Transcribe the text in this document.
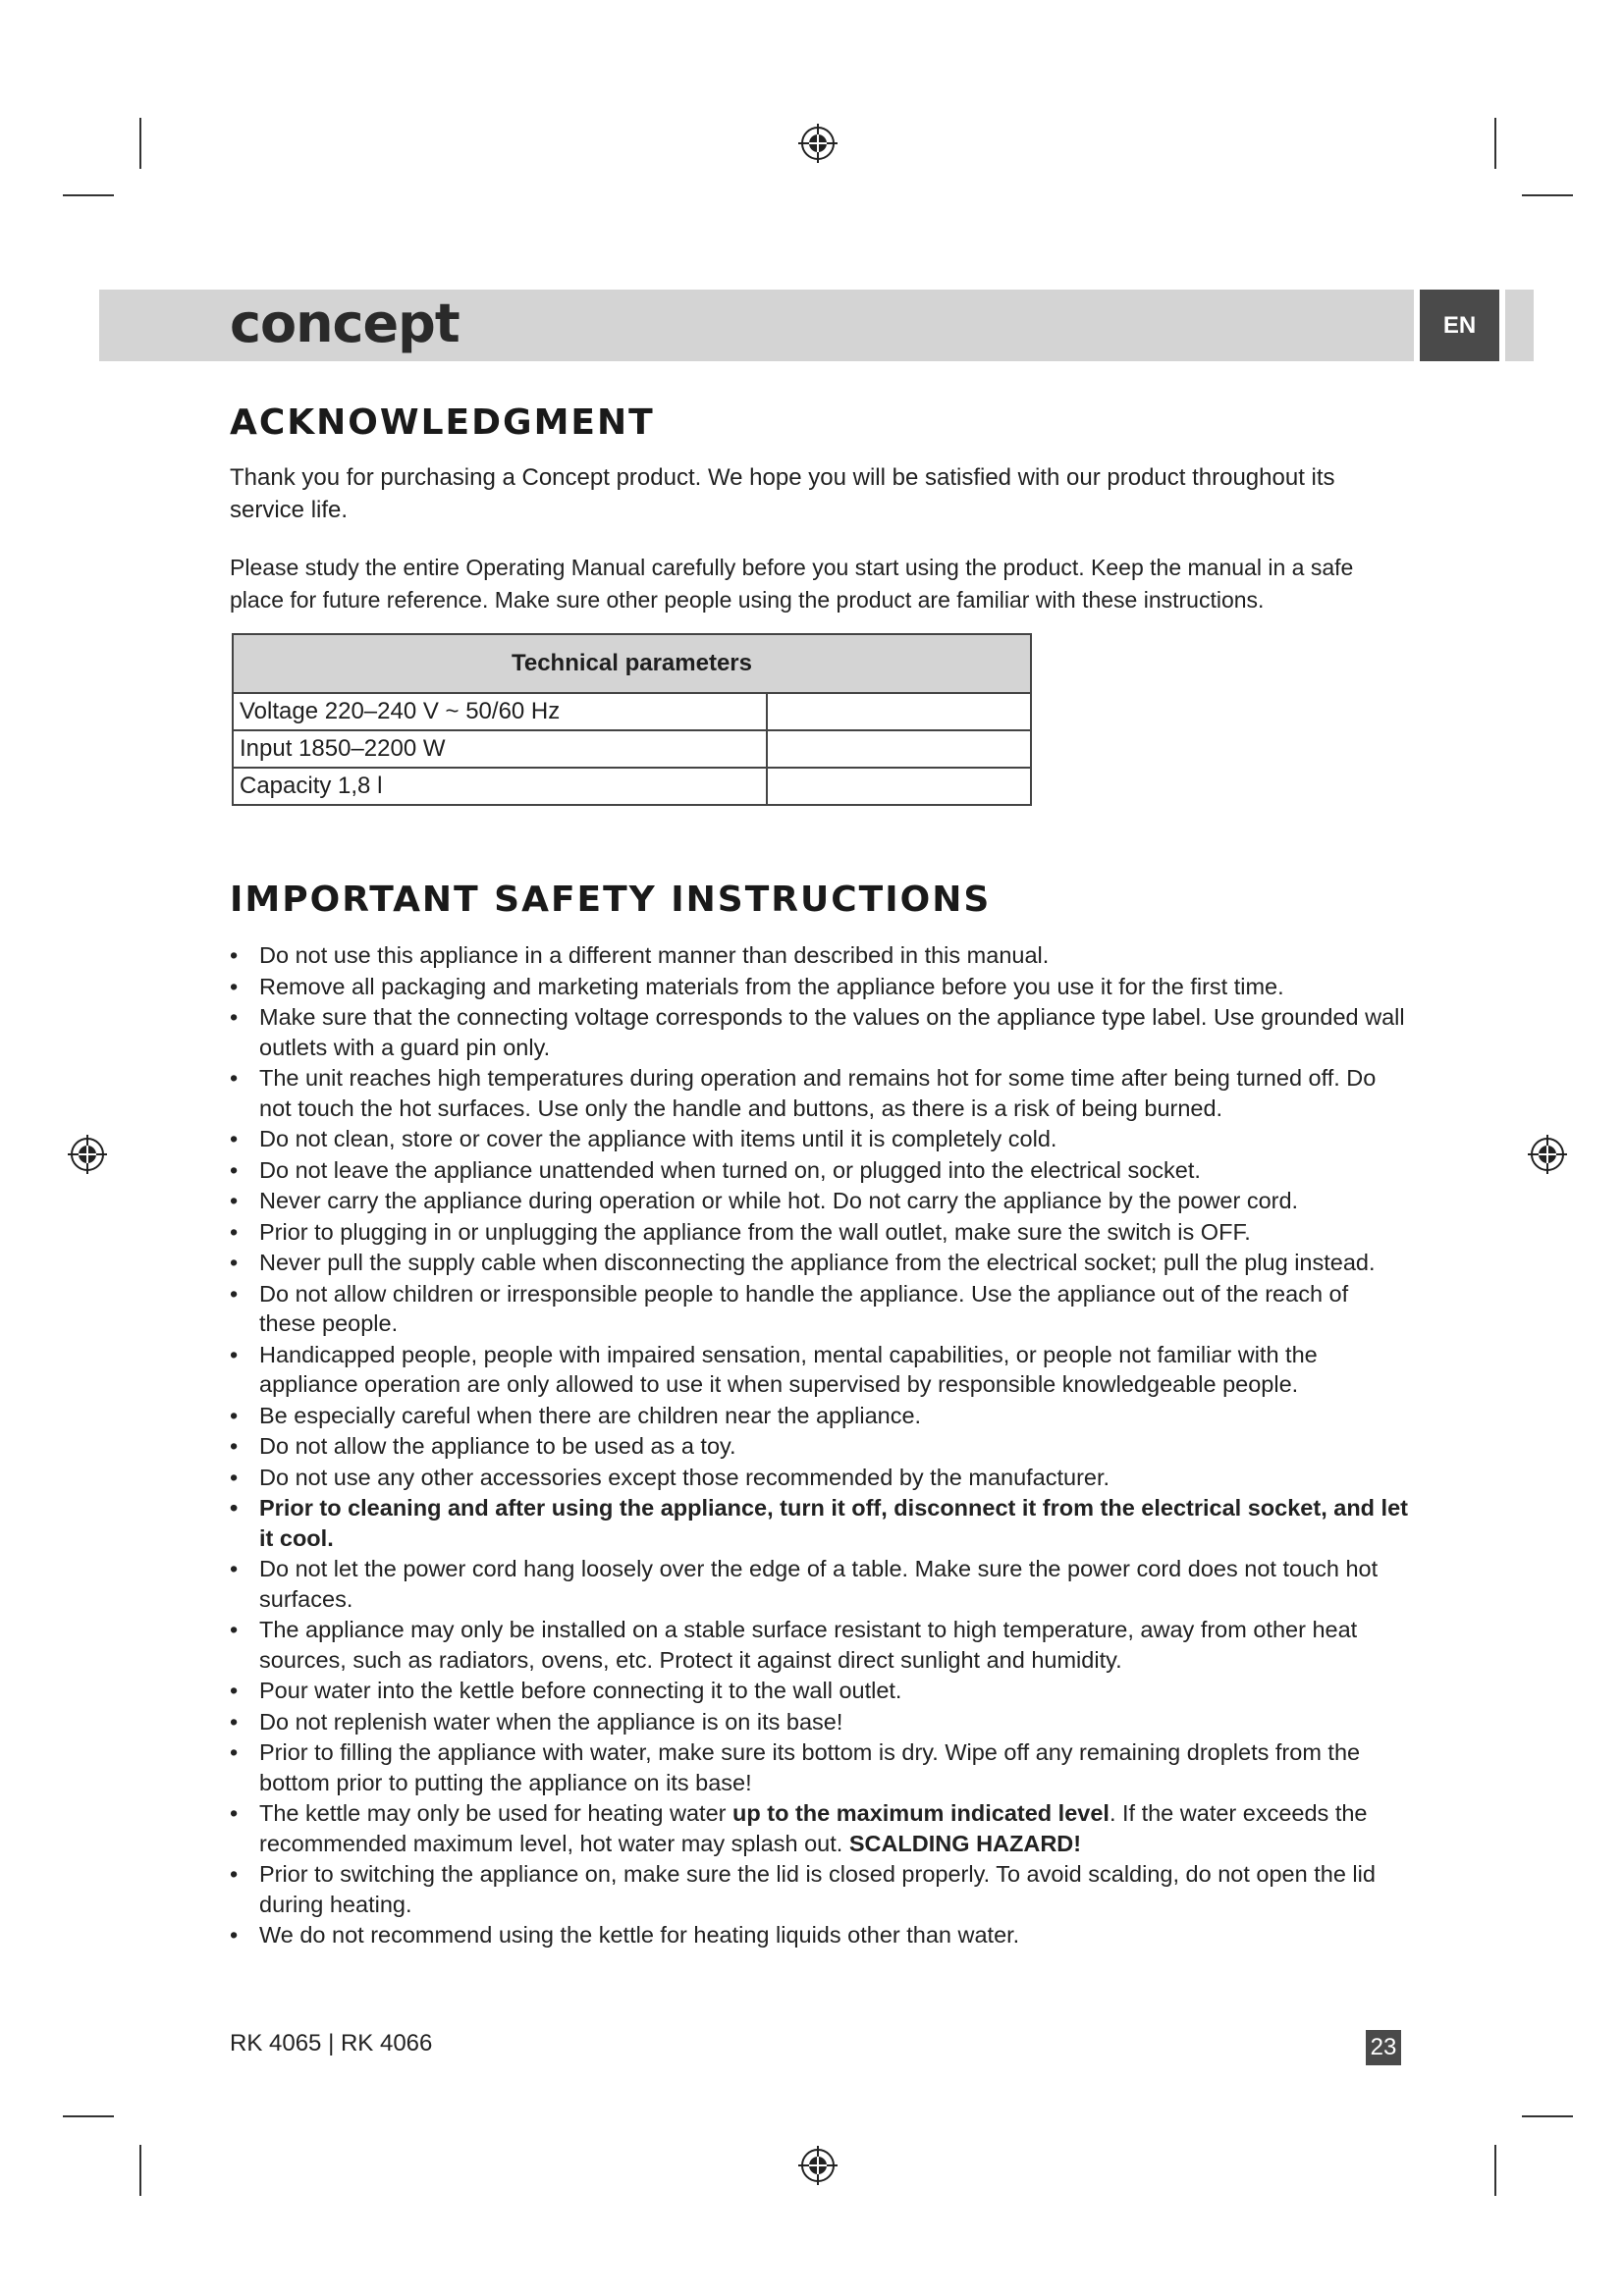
concept	EN
ACKNOWLEDGMENT

Thank you for purchasing a Concept product. We hope you will be satisfied with our product throughout its service life.

Please study the entire Operating Manual carefully before you start using the product. Keep the manual in a safe place for future reference. Make sure other people using the product are familiar with these instructions.

Technical parameters	
Voltage 220–240 V ~ 50/60 Hz	
Input 1850–2200 W	
Capacity 1,8 l	
IMPORTANT SAFETY INSTRUCTIONS
• Do not use this appliance in a different manner than described in this manual.
• Remove all packaging and marketing materials from the appliance before you use it for the first time.
• Make sure that the connecting voltage corresponds to the values on the appliance type label. Use grounded wall outlets with a guard pin only.
• The unit reaches high temperatures during operation and remains hot for some time after being turned off. Do not touch the hot surfaces. Use only the handle and buttons, as there is a risk of being burned.
• Do not clean, store or cover the appliance with items until it is completely cold.
• Do not leave the appliance unattended when turned on, or plugged into the electrical socket.
• Never carry the appliance during operation or while hot. Do not carry the appliance by the power cord.
• Prior to plugging in or unplugging the appliance from the wall outlet, make sure the switch is OFF.
• Never pull the supply cable when disconnecting the appliance from the electrical socket; pull the plug instead.
• Do not allow children or irresponsible people to handle the appliance. Use the appliance out of the reach of these people.
• Handicapped people, people with impaired sensation, mental capabilities, or people not familiar with the appliance operation are only allowed to use it when supervised by responsible knowledgeable people.
• Be especially careful when there are children near the appliance.
• Do not allow the appliance to be used as a toy.
• Do not use any other accessories except those recommended by the manufacturer.
• Prior to cleaning and after using the appliance, turn it off, disconnect it from the electrical socket, and let it cool.
• Do not let the power cord hang loosely over the edge of a table. Make sure the power cord does not touch hot surfaces.
• The appliance may only be installed on a stable surface resistant to high temperature, away from other heat sources, such as radiators, ovens, etc. Protect it against direct sunlight and humidity.
• Pour water into the kettle before connecting it to the wall outlet.
• Do not replenish water when the appliance is on its base!
• Prior to filling the appliance with water, make sure its bottom is dry. Wipe off any remaining droplets from the bottom prior to putting the appliance on its base!
• The kettle may only be used for heating water up to the maximum indicated level. If the water exceeds the recommended maximum level, hot water may splash out. SCALDING HAZARD!
• Prior to switching the appliance on, make sure the lid is closed properly. To avoid scalding, do not open the lid during heating.
• We do not recommend using the kettle for heating liquids other than water.
RK 4065 | RK 4066	23
